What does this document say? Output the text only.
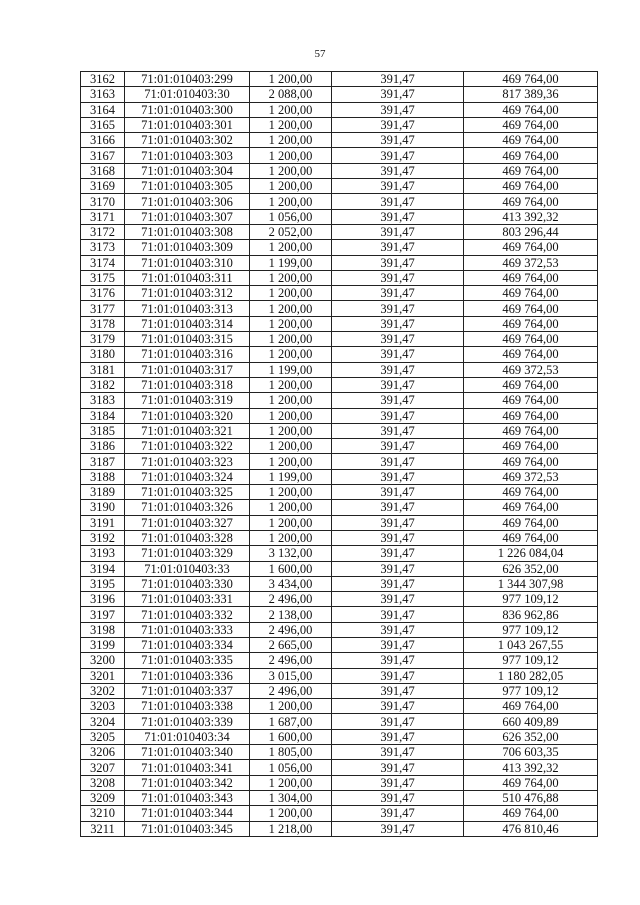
57
3162	71:01:010403:299	1 200,00	391,47	469 764,00
3163	71:01:010403:30	2 088,00	391,47	817 389,36
3164	71:01:010403:300	1 200,00	391,47	469 764,00
3165	71:01:010403:301	1 200,00	391,47	469 764,00
3166	71:01:010403:302	1 200,00	391,47	469 764,00
3167	71:01:010403:303	1 200,00	391,47	469 764,00
3168	71:01:010403:304	1 200,00	391,47	469 764,00
3169	71:01:010403:305	1 200,00	391,47	469 764,00
3170	71:01:010403:306	1 200,00	391,47	469 764,00
3171	71:01:010403:307	1 056,00	391,47	413 392,32
3172	71:01:010403:308	2 052,00	391,47	803 296,44
3173	71:01:010403:309	1 200,00	391,47	469 764,00
3174	71:01:010403:310	1 199,00	391,47	469 372,53
3175	71:01:010403:311	1 200,00	391,47	469 764,00
3176	71:01:010403:312	1 200,00	391,47	469 764,00
3177	71:01:010403:313	1 200,00	391,47	469 764,00
3178	71:01:010403:314	1 200,00	391,47	469 764,00
3179	71:01:010403:315	1 200,00	391,47	469 764,00
3180	71:01:010403:316	1 200,00	391,47	469 764,00
3181	71:01:010403:317	1 199,00	391,47	469 372,53
3182	71:01:010403:318	1 200,00	391,47	469 764,00
3183	71:01:010403:319	1 200,00	391,47	469 764,00
3184	71:01:010403:320	1 200,00	391,47	469 764,00
3185	71:01:010403:321	1 200,00	391,47	469 764,00
3186	71:01:010403:322	1 200,00	391,47	469 764,00
3187	71:01:010403:323	1 200,00	391,47	469 764,00
3188	71:01:010403:324	1 199,00	391,47	469 372,53
3189	71:01:010403:325	1 200,00	391,47	469 764,00
3190	71:01:010403:326	1 200,00	391,47	469 764,00
3191	71:01:010403:327	1 200,00	391,47	469 764,00
3192	71:01:010403:328	1 200,00	391,47	469 764,00
3193	71:01:010403:329	3 132,00	391,47	1 226 084,04
3194	71:01:010403:33	1 600,00	391,47	626 352,00
3195	71:01:010403:330	3 434,00	391,47	1 344 307,98
3196	71:01:010403:331	2 496,00	391,47	977 109,12
3197	71:01:010403:332	2 138,00	391,47	836 962,86
3198	71:01:010403:333	2 496,00	391,47	977 109,12
3199	71:01:010403:334	2 665,00	391,47	1 043 267,55
3200	71:01:010403:335	2 496,00	391,47	977 109,12
3201	71:01:010403:336	3 015,00	391,47	1 180 282,05
3202	71:01:010403:337	2 496,00	391,47	977 109,12
3203	71:01:010403:338	1 200,00	391,47	469 764,00
3204	71:01:010403:339	1 687,00	391,47	660 409,89
3205	71:01:010403:34	1 600,00	391,47	626 352,00
3206	71:01:010403:340	1 805,00	391,47	706 603,35
3207	71:01:010403:341	1 056,00	391,47	413 392,32
3208	71:01:010403:342	1 200,00	391,47	469 764,00
3209	71:01:010403:343	1 304,00	391,47	510 476,88
3210	71:01:010403:344	1 200,00	391,47	469 764,00
3211	71:01:010403:345	1 218,00	391,47	476 810,46
